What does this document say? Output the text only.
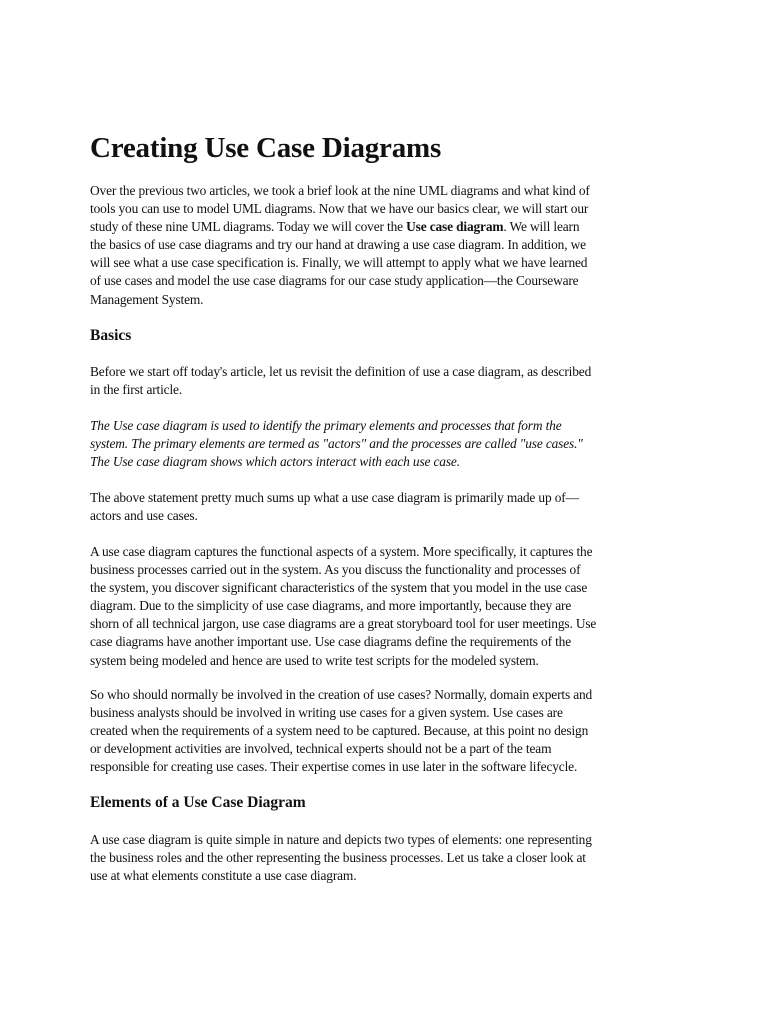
Creating Use Case Diagrams

Over the previous two articles, we took a brief look at the nine UML diagrams and what kind of
tools you can use to model UML diagrams. Now that we have our basics clear, we will start our
study of these nine UML diagrams. Today we will cover the Use case diagram. We will learn
the basics of use case diagrams and try our hand at drawing a use case diagram. In addition, we
will see what a use case specification is. Finally, we will attempt to apply what we have learned
of use cases and model the use case diagrams for our case study application—the Courseware
Management System.

Basics

Before we start off today's article, let us revisit the definition of use a case diagram, as described
in the first article.

The Use case diagram is used to identify the primary elements and processes that form the
system. The primary elements are termed as "actors" and the processes are called "use cases."
The Use case diagram shows which actors interact with each use case.

The above statement pretty much sums up what a use case diagram is primarily made up of—
actors and use cases.

A use case diagram captures the functional aspects of a system. More specifically, it captures the
business processes carried out in the system. As you discuss the functionality and processes of
the system, you discover significant characteristics of the system that you model in the use case
diagram. Due to the simplicity of use case diagrams, and more importantly, because they are
shorn of all technical jargon, use case diagrams are a great storyboard tool for user meetings. Use
case diagrams have another important use. Use case diagrams define the requirements of the
system being modeled and hence are used to write test scripts for the modeled system.

So who should normally be involved in the creation of use cases? Normally, domain experts and
business analysts should be involved in writing use cases for a given system. Use cases are
created when the requirements of a system need to be captured. Because, at this point no design
or development activities are involved, technical experts should not be a part of the team
responsible for creating use cases. Their expertise comes in use later in the software lifecycle.

Elements of a Use Case Diagram

A use case diagram is quite simple in nature and depicts two types of elements: one representing
the business roles and the other representing the business processes. Let us take a closer look at
use at what elements constitute a use case diagram.
